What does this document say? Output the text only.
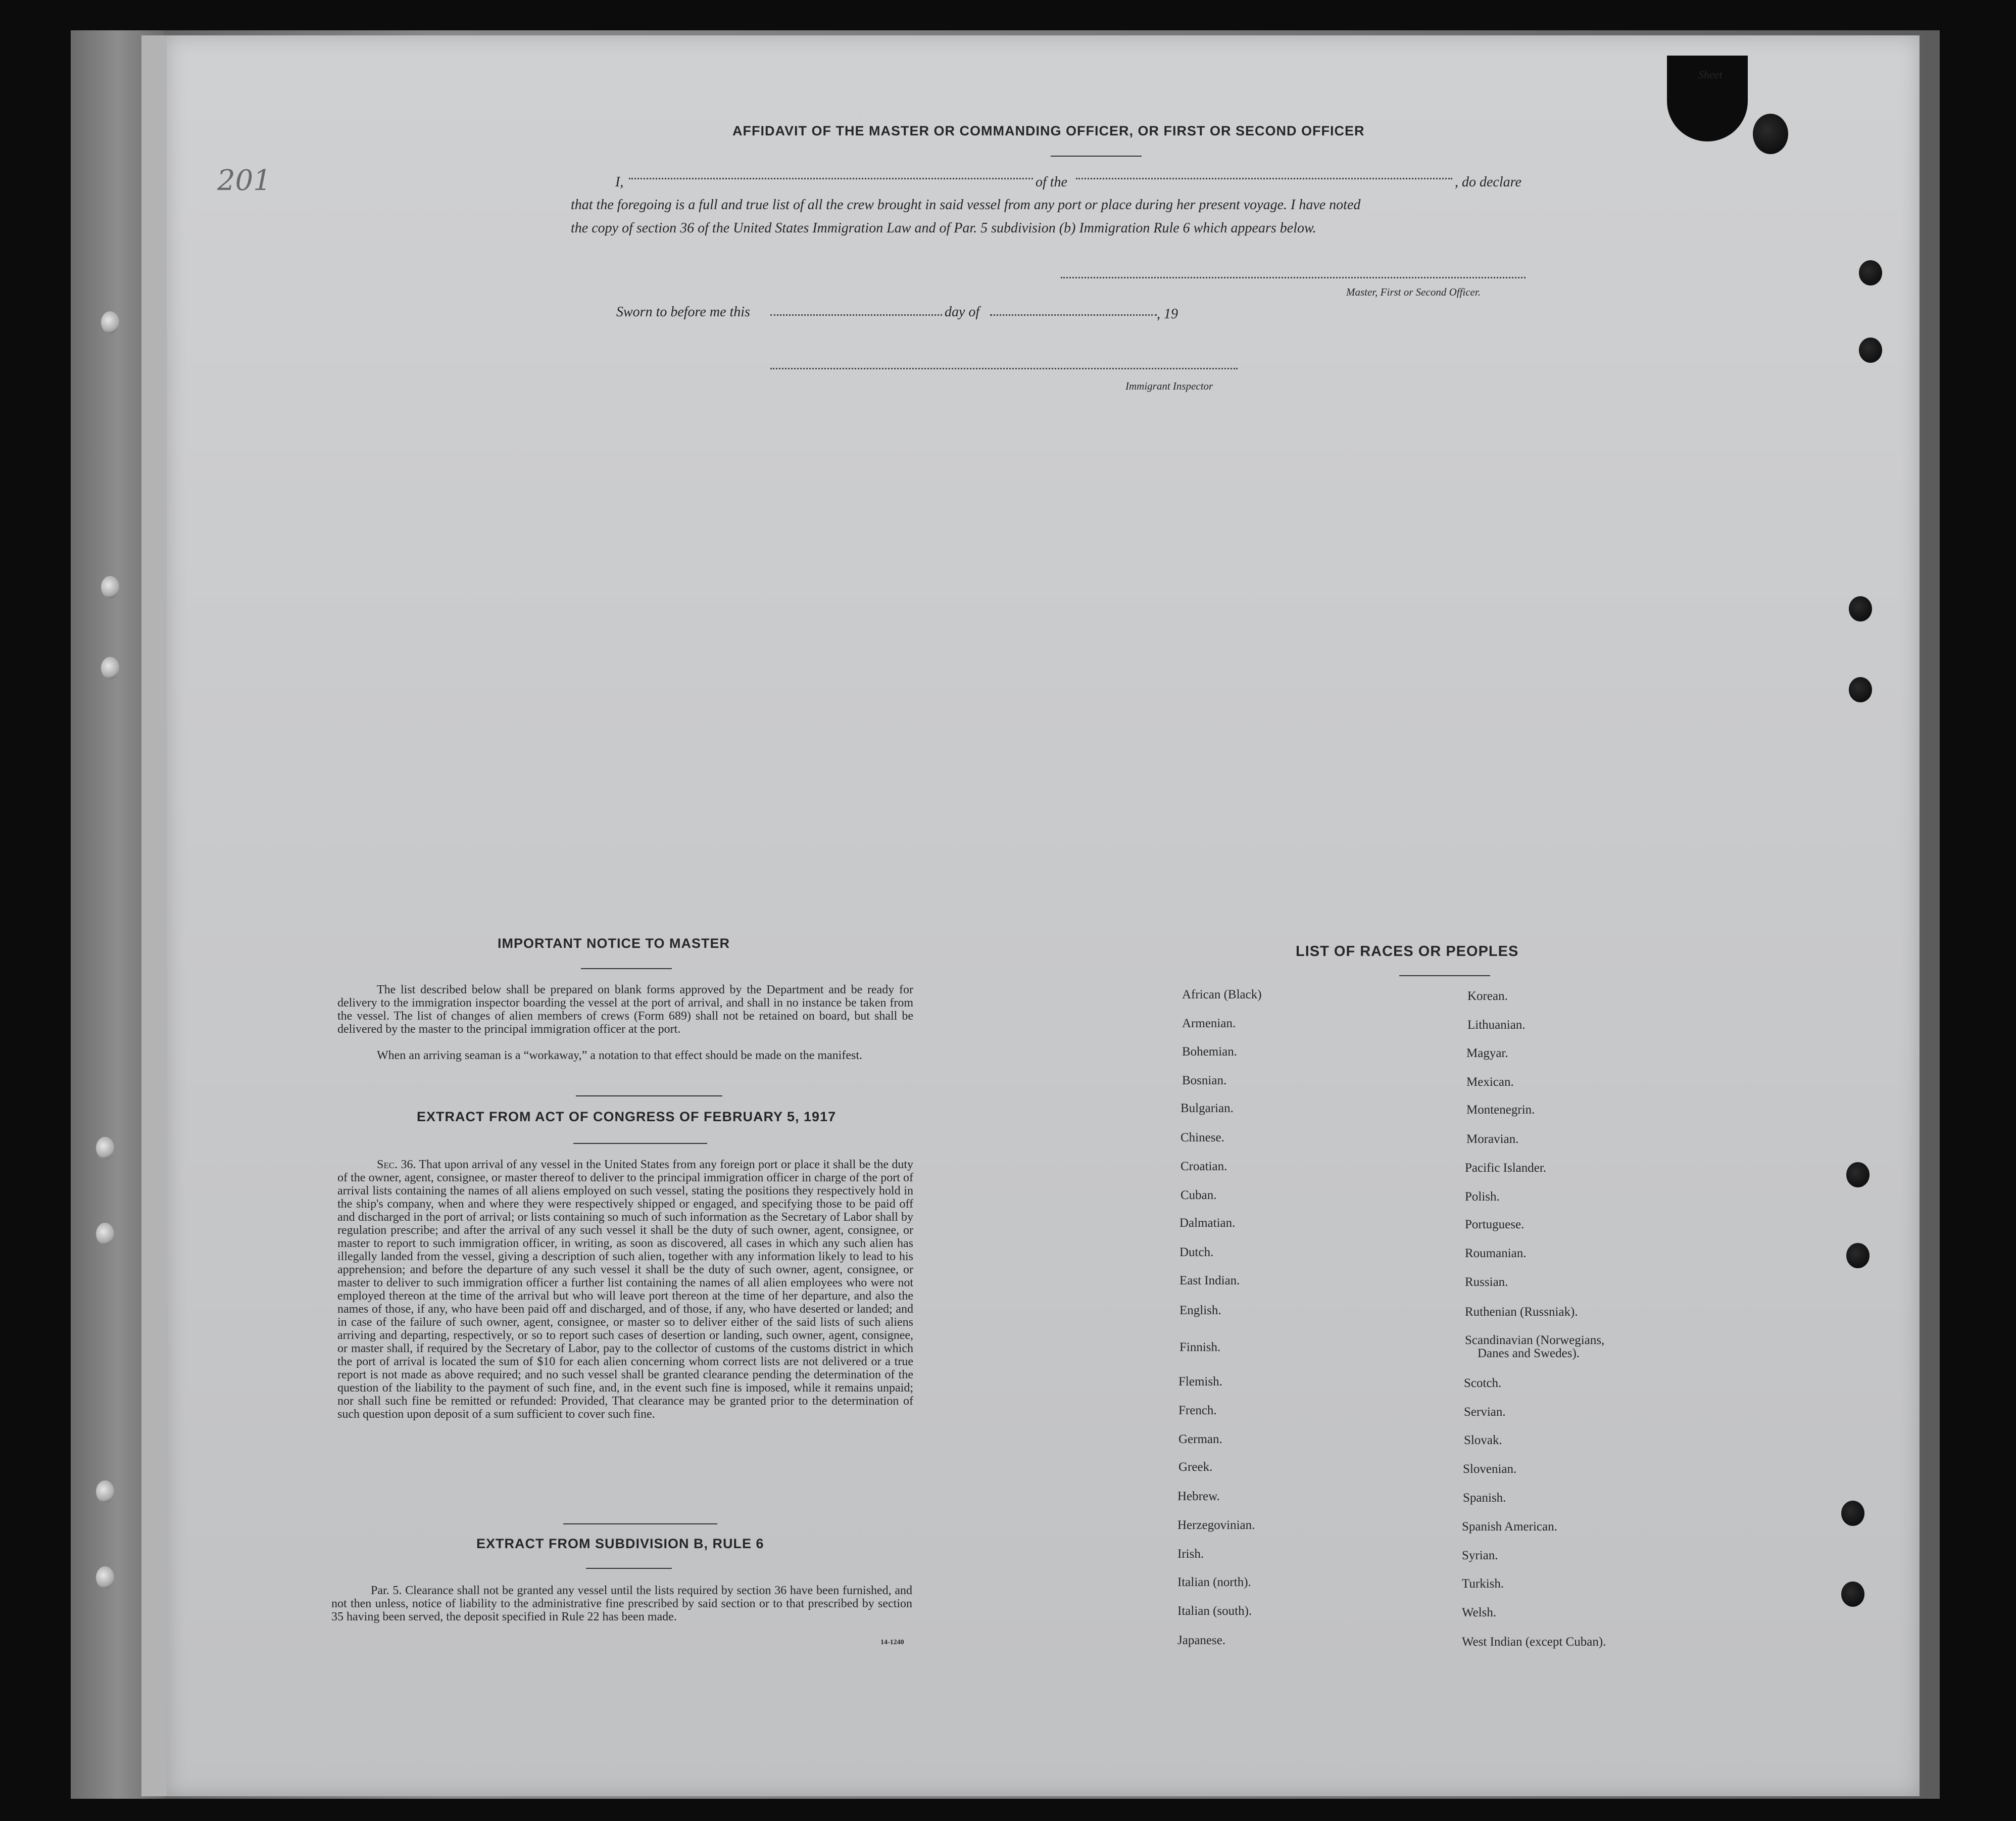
Sheet
201
AFFIDAVIT OF THE MASTER OR COMMANDING OFFICER, OR FIRST OR SECOND OFFICER
I,	of the	, do declare
that the foregoing is a full and true list of all the crew brought in said vessel from any port or place during her present voyage. I have noted
the copy of section 36 of the United States Immigration Law and of Par. 5 subdivision (b) Immigration Rule 6 which appears below.
Master, First or Second Officer.
Sworn to before me this	day of	, 19
Immigrant Inspector
IMPORTANT NOTICE TO MASTER
The list described below shall be prepared on blank forms approved by the Department and be ready for delivery to the immigration inspector boarding the vessel at the port of arrival, and shall in no instance be taken from the vessel. The list of changes of alien members of crews (Form 689) shall not be retained on board, but shall be delivered by the master to the principal immigration officer at the port.
When an arriving seaman is a “workaway,” a notation to that effect should be made on the manifest.
EXTRACT FROM ACT OF CONGRESS OF FEBRUARY 5, 1917
Sec. 36. That upon arrival of any vessel in the United States from any foreign port or place it shall be the duty of the owner, agent, consignee, or master thereof to deliver to the principal immigration officer in charge of the port of arrival lists containing the names of all aliens employed on such vessel, stating the positions they respectively hold in the ship's company, when and where they were respectively shipped or engaged, and specifying those to be paid off and discharged in the port of arrival; or lists containing so much of such information as the Secretary of Labor shall by regulation prescribe; and after the arrival of any such vessel it shall be the duty of such owner, agent, consignee, or master to report to such immigration officer, in writing, as soon as discovered, all cases in which any such alien has illegally landed from the vessel, giving a description of such alien, together with any information likely to lead to his apprehension; and before the departure of any such vessel it shall be the duty of such owner, agent, consignee, or master to deliver to such immigration officer a further list containing the names of all alien employees who were not employed thereon at the time of the arrival but who will leave port thereon at the time of her departure, and also the names of those, if any, who have been paid off and discharged, and of those, if any, who have deserted or landed; and in case of the failure of such owner, agent, consignee, or master so to deliver either of the said lists of such aliens arriving and departing, respectively, or so to report such cases of desertion or landing, such owner, agent, consignee, or master shall, if required by the Secretary of Labor, pay to the collector of customs of the customs district in which the port of arrival is located the sum of $10 for each alien concerning whom correct lists are not delivered or a true report is not made as above required; and no such vessel shall be granted clearance pending the determination of the question of the liability to the payment of such fine, and, in the event such fine is imposed, while it remains unpaid; nor shall such fine be remitted or refunded: Provided, That clearance may be granted prior to the determination of such question upon deposit of a sum sufficient to cover such fine.
EXTRACT FROM SUBDIVISION B, RULE 6
Par. 5. Clearance shall not be granted any vessel until the lists required by section 36 have been furnished, and not then unless, notice of liability to the administrative fine prescribed by said section or to that prescribed by section 35 having been served, the deposit specified in Rule 22 has been made.
14-1240
LIST OF RACES OR PEOPLES
African (Black)
Armenian.
Bohemian.
Bosnian.
Bulgarian.
Chinese.
Croatian.
Cuban.
Dalmatian.
Dutch.
East Indian.
English.
Finnish.
Flemish.
French.
German.
Greek.
Hebrew.
Herzegovinian.
Irish.
Italian (north).
Italian (south).
Japanese.
Korean.
Lithuanian.
Magyar.
Mexican.
Montenegrin.
Moravian.
Pacific Islander.
Polish.
Portuguese.
Roumanian.
Russian.
Ruthenian (Russniak).
Scandinavian (Norwegians,
Danes and Swedes).
Scotch.
Servian.
Slovak.
Slovenian.
Spanish.
Spanish American.
Syrian.
Turkish.
Welsh.
West Indian (except Cuban).
